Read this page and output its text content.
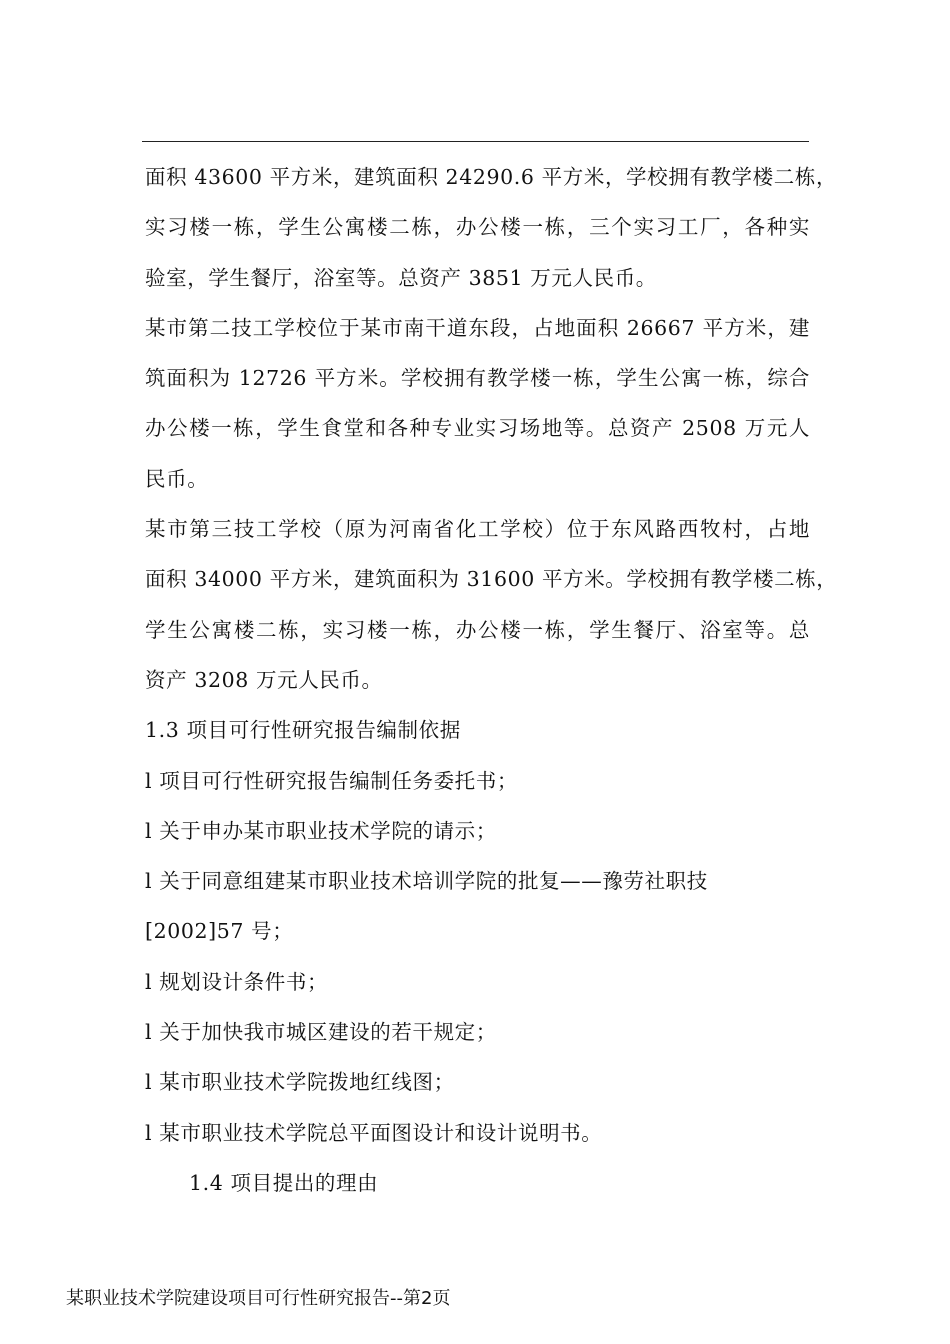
面积 43600 平方米，建筑面积 24290.6 平方米，学校拥有教学楼二栋，
实习楼一栋，学生公寓楼二栋，办公楼一栋，三个实习工厂，各种实
验室，学生餐厅，浴室等。总资产 3851 万元人民币。
某市第二技工学校位于某市南干道东段，占地面积 26667 平方米，建
筑面积为 12726 平方米。学校拥有教学楼一栋，学生公寓一栋，综合
办公楼一栋，学生食堂和各种专业实习场地等。总资产 2508 万元人
民币。
某市第三技工学校（原为河南省化工学校）位于东风路西牧村，占地
面积 34000 平方米，建筑面积为 31600 平方米。学校拥有教学楼二栋，
学生公寓楼二栋，实习楼一栋，办公楼一栋，学生餐厅、浴室等。总
资产 3208 万元人民币。
1.3 项目可行性研究报告编制依据
l 项目可行性研究报告编制任务委托书；
l 关于申办某市职业技术学院的请示；
l 关于同意组建某市职业技术培训学院的批复——豫劳社职技
[2002]57 号；
l 规划设计条件书；
l 关于加快我市城区建设的若干规定；
l 某市职业技术学院拨地红线图；
l 某市职业技术学院总平面图设计和设计说明书。
1.4 项目提出的理由
某职业技术学院建设项目可行性研究报告--第2页
